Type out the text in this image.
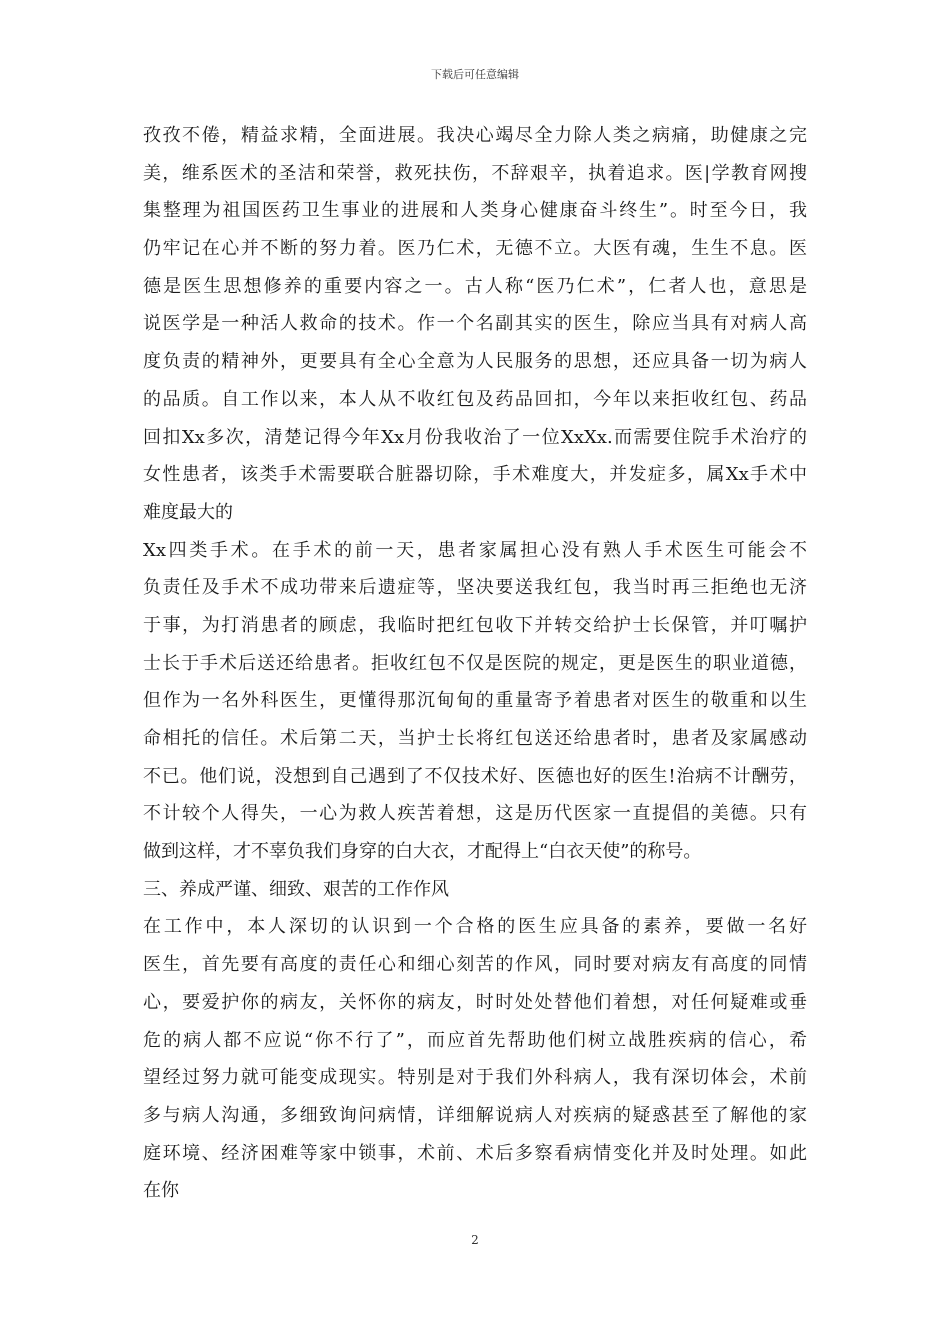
下载后可任意编辑
孜孜不倦，精益求精，全面进展。我决心竭尽全力除人类之病痛，助健康之完
美，维系医术的圣洁和荣誉，救死扶伤，不辞艰辛，执着追求。医|学教育网搜
集整理为祖国医药卫生事业的进展和人类身心健康奋斗终生”。时至今日，我
仍牢记在心并不断的努力着。医乃仁术，无德不立。大医有魂，生生不息。医
德是医生思想修养的重要内容之一。古人称“医乃仁术”，仁者人也，意思是
说医学是一种活人救命的技术。作一个名副其实的医生，除应当具有对病人高
度负责的精神外，更要具有全心全意为人民服务的思想，还应具备一切为病人
的品质。自工作以来，本人从不收红包及药品回扣，今年以来拒收红包、药品
回扣Xx多次，清楚记得今年Xx月份我收治了一位XxXx.而需要住院手术治疗的
女性患者，该类手术需要联合脏器切除，手术难度大，并发症多，属Xx手术中
难度最大的
Xx四类手术。在手术的前一天，患者家属担心没有熟人手术医生可能会不
负责任及手术不成功带来后遗症等，坚决要送我红包，我当时再三拒绝也无济
于事，为打消患者的顾虑，我临时把红包收下并转交给护士长保管，并叮嘱护
士长于手术后送还给患者。拒收红包不仅是医院的规定，更是医生的职业道德，
但作为一名外科医生，更懂得那沉甸甸的重量寄予着患者对医生的敬重和以生
命相托的信任。术后第二天，当护士长将红包送还给患者时，患者及家属感动
不已。他们说，没想到自己遇到了不仅技术好、医德也好的医生!治病不计酬劳，
不计较个人得失，一心为救人疾苦着想，这是历代医家一直提倡的美德。只有
做到这样，才不辜负我们身穿的白大衣，才配得上“白衣天使”的称号。
三、养成严谨、细致、艰苦的工作作风
在工作中，本人深切的认识到一个合格的医生应具备的素养，要做一名好
医生，首先要有高度的责任心和细心刻苦的作风，同时要对病友有高度的同情
心，要爱护你的病友，关怀你的病友，时时处处替他们着想，对任何疑难或垂
危的病人都不应说“你不行了”，而应首先帮助他们树立战胜疾病的信心，希
望经过努力就可能变成现实。特别是对于我们外科病人，我有深切体会，术前
多与病人沟通，多细致询问病情，详细解说病人对疾病的疑惑甚至了解他的家
庭环境、经济困难等家中锁事，术前、术后多察看病情变化并及时处理。如此
在你
2
